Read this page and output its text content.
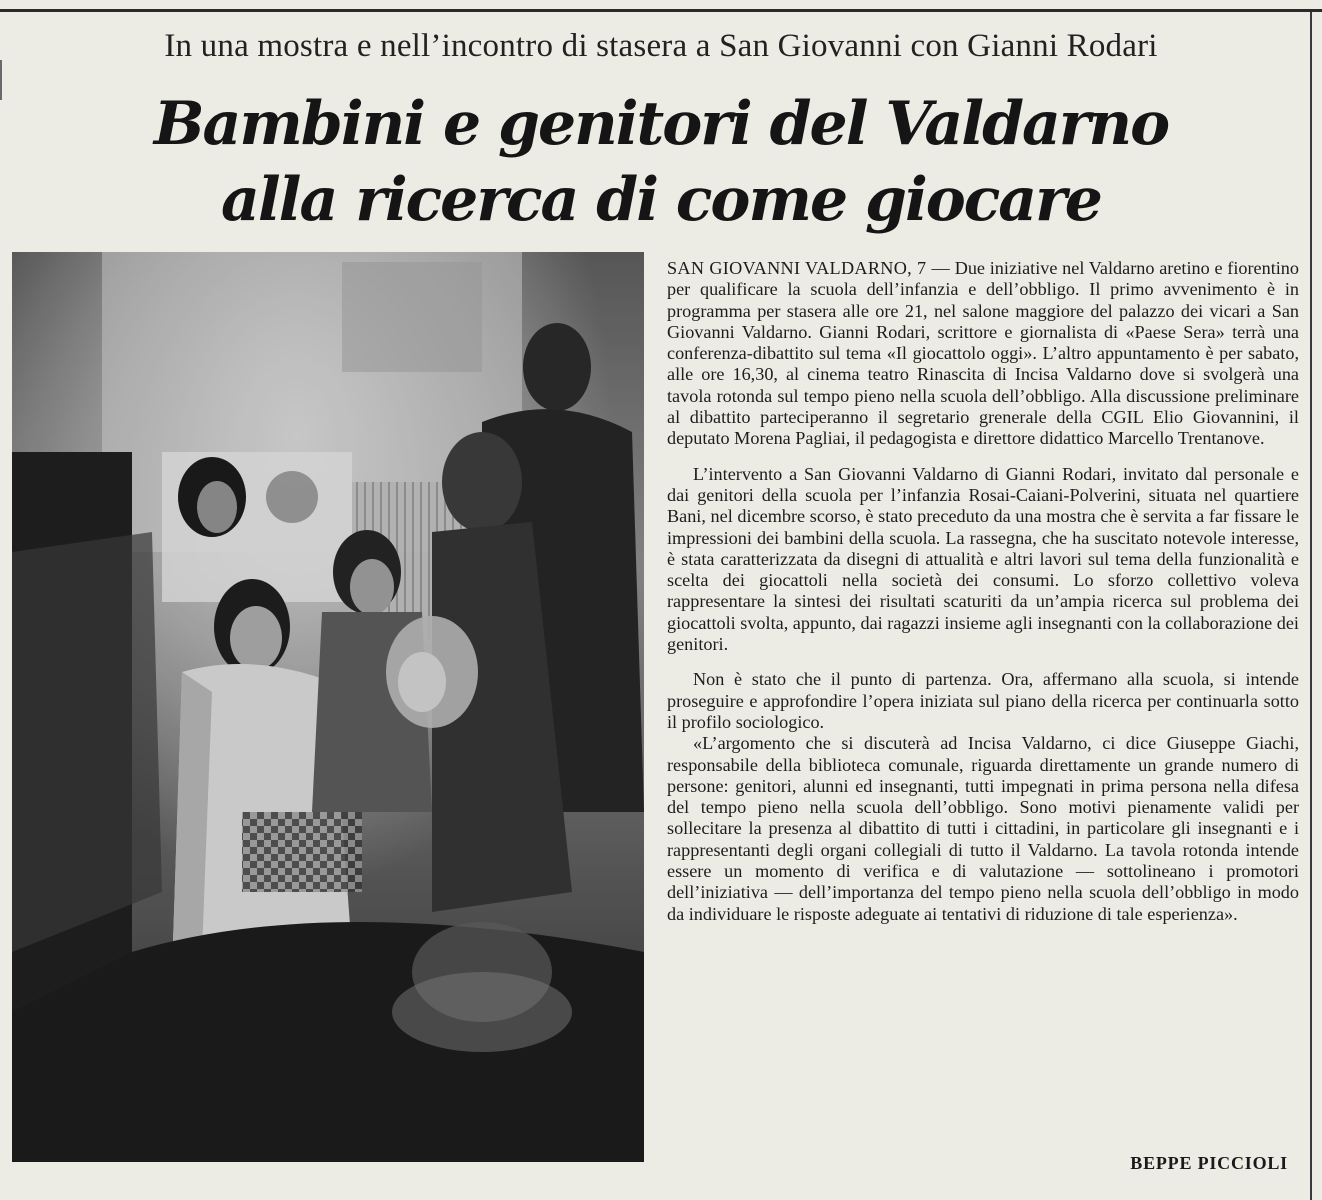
In una mostra e nell’incontro di stasera a San Giovanni con Gianni Rodari
Bambini e genitori del Valdarno
alla ricerca di come giocare

SAN GIOVANNI VALDARNO, 7 — Due iniziative nel Valdarno aretino e fiorentino per qualificare la scuola dell’infanzia e dell’obbligo. Il primo avvenimento è in programma per stasera alle ore 21, nel salone maggiore del palazzo dei vicari a San Giovanni Valdarno. Gianni Rodari, scrittore e giornalista di «Paese Sera» terrà una conferenza-dibattito sul tema «Il giocattolo oggi». L’altro appuntamento è per sabato, alle ore 16,30, al cinema teatro Rinascita di Incisa Valdarno dove si svolgerà una tavola rotonda sul tempo pieno nella scuola dell’obbligo. Alla discussione preliminare al dibattito parteciperanno il segretario grenerale della CGIL Elio Giovannini, il deputato Morena Pagliai, il pedagogista e direttore didattico Marcello Trentanove.

L’intervento a San Giovanni Valdarno di Gianni Rodari, invitato dal personale e dai genitori della scuola per l’infanzia Rosai-Caiani-Polverini, situata nel quartiere Bani, nel dicembre scorso, è stato preceduto da una mostra che è servita a far fissare le impressioni dei bambini della scuola. La rassegna, che ha suscitato notevole interesse, è stata caratterizzata da disegni di attualità e altri lavori sul tema della funzionalità e scelta dei giocattoli nella società dei consumi. Lo sforzo collettivo voleva rappresentare la sintesi dei risultati scaturiti da un’ampia ricerca sul problema dei giocattoli svolta, appunto, dai ragazzi insieme agli insegnanti con la collaborazione dei genitori.

Non è stato che il punto di partenza. Ora, affermano alla scuola, si intende proseguire e approfondire l’opera iniziata sul piano della ricerca per continuarla sotto il profilo sociologico.

«L’argomento che si discuterà ad Incisa Valdarno, ci dice Giuseppe Giachi, responsabile della biblioteca comunale, riguarda direttamente un grande numero di persone: genitori, alunni ed insegnanti, tutti impegnati in prima persona nella difesa del tempo pieno nella scuola dell’obbligo. Sono motivi pienamente validi per sollecitare la presenza al dibattito di tutti i cittadini, in particolare gli insegnanti e i rappresentanti degli organi collegiali di tutto il Valdarno. La tavola rotonda intende essere un momento di verifica e di valutazione — sottolineano i promotori dell’iniziativa — dell’importanza del tempo pieno nella scuola dell’obbligo in modo da individuare le risposte adeguate ai tentativi di riduzione di tale esperienza».

BEPPE PICCIOLI
